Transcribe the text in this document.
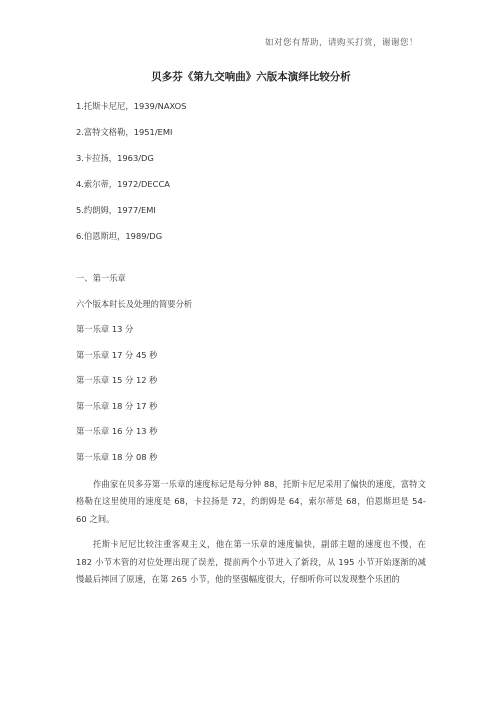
如对您有帮助，请购买打赏，谢谢您！
贝多芬《第九交响曲》六版本演绎比较分析

1.托斯卡尼尼，1939/NAXOS

2.富特文格勒，1951/EMI

3.卡拉扬，1963/DG

4.索尔蒂，1972/DECCA

5.约朗姆，1977/EMI

6.伯恩斯坦，1989/DG

一、第一乐章

六个版本时长及处理的简要分析

第一乐章 13 分

第一乐章 17 分 45 秒

第一乐章 15 分 12 秒

第一乐章 18 分 17 秒

第一乐章 16 分 13 秒

第一乐章 18 分 08 秒

作曲家在贝多芬第一乐章的速度标记是每分钟 88，托斯卡尼尼采用了偏快的速度，富特文格勒在这里使用的速度是 68，卡拉扬是 72，约朗姆是 64，索尔蒂是 68，伯恩斯坦是 54-60 之间。

托斯卡尼尼比较注重客观主义，他在第一乐章的速度偏快，副部主题的速度也不慢，在 182 小节木管的对位处理出现了误差，提前两个小节进入了新段，从 195 小节开始逐渐的减慢最后摔回了原速，在第 265 小节，他的坚强幅度很大，仔细听你可以发现整个乐团的
